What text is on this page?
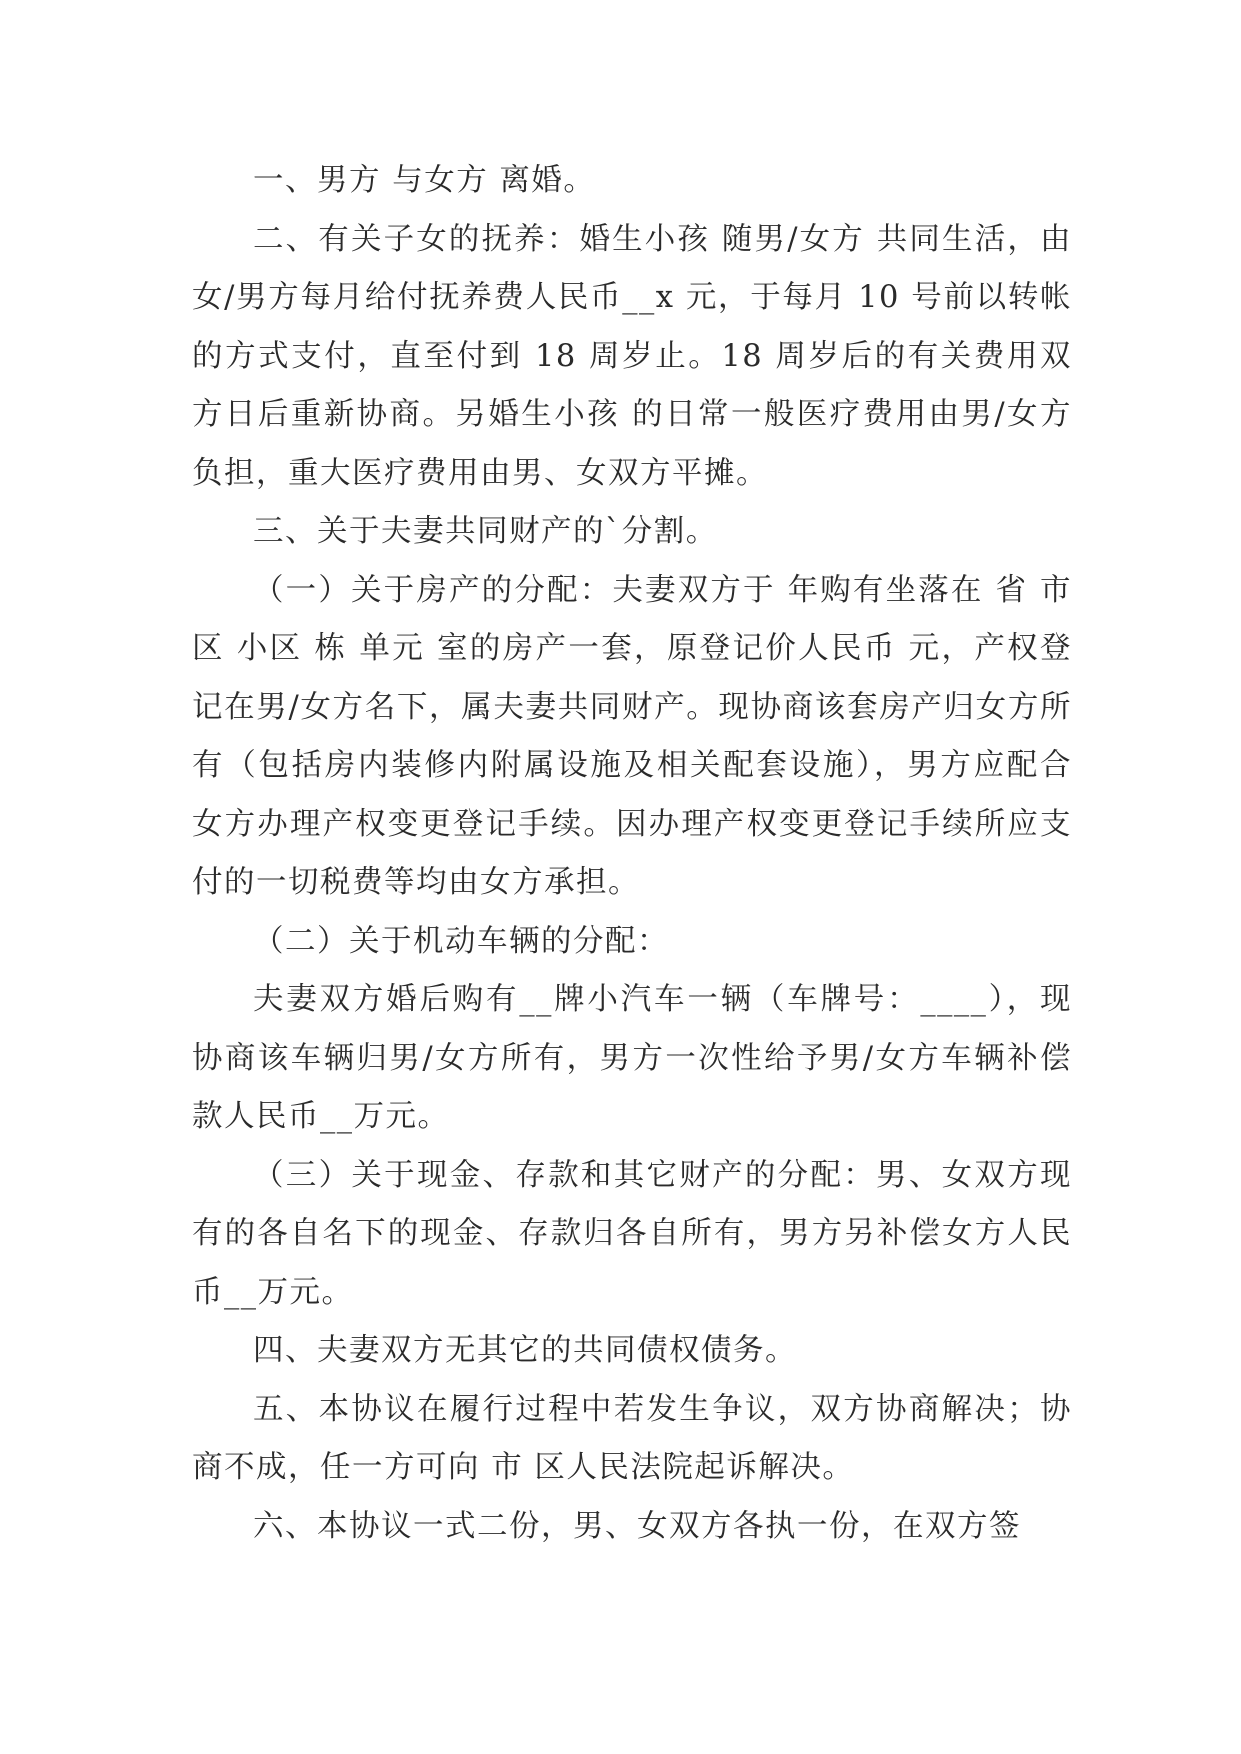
一、男方 与女方 离婚。

二、有关子女的抚养：婚生小孩 随男/女方 共同生活，由女/男方每月给付抚养费人民币__x 元，于每月 10 号前以转帐的方式支付，直至付到 18 周岁止。18 周岁后的有关费用双方日后重新协商。另婚生小孩 的日常一般医疗费用由男/女方负担，重大医疗费用由男、女双方平摊。

三、关于夫妻共同财产的`分割。

（一）关于房产的分配：夫妻双方于 年购有坐落在 省 市 区 小区 栋 单元 室的房产一套，原登记价人民币 元，产权登记在男/女方名下，属夫妻共同财产。现协商该套房产归女方所有（包括房内装修内附属设施及相关配套设施），男方应配合女方办理产权变更登记手续。因办理产权变更登记手续所应支付的一切税费等均由女方承担。

（二）关于机动车辆的分配：

夫妻双方婚后购有__牌小汽车一辆（车牌号：____），现协商该车辆归男/女方所有，男方一次性给予男/女方车辆补偿款人民币__万元。

（三）关于现金、存款和其它财产的分配：男、女双方现有的各自名下的现金、存款归各自所有，男方另补偿女方人民币__万元。

四、夫妻双方无其它的共同债权债务。

五、本协议在履行过程中若发生争议，双方协商解决；协商不成，任一方可向 市 区人民法院起诉解决。

六、本协议一式二份，男、女双方各执一份，在双方签
